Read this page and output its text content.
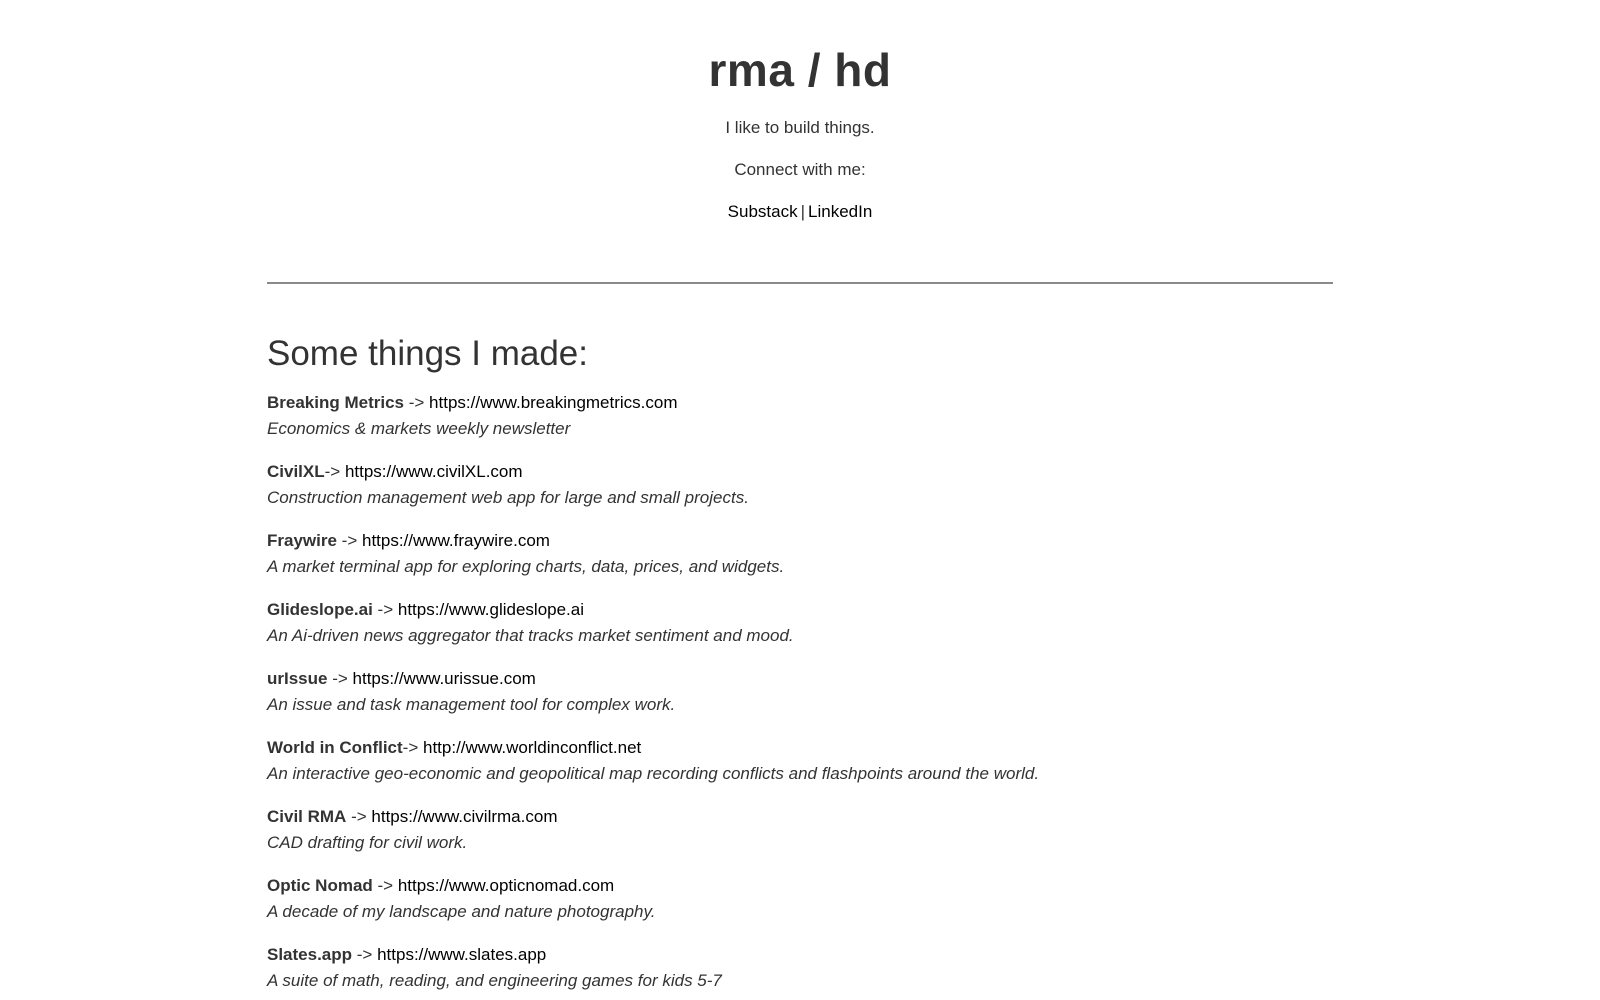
rma / hd

I like to build things.

Connect with me:

Substack | LinkedIn

Some things I made:
Breaking Metrics -> https://www.breakingmetrics.com
Economics & markets weekly newsletter
CivilXL-> https://www.civilXL.com
Construction management web app for large and small projects.
Fraywire -> https://www.fraywire.com
A market terminal app for exploring charts, data, prices, and widgets.
Glideslope.ai -> https://www.glideslope.ai
An Ai-driven news aggregator that tracks market sentiment and mood.
urIssue -> https://www.urissue.com
An issue and task management tool for complex work.
World in Conflict-> http://www.worldinconflict.net
An interactive geo-economic and geopolitical map recording conflicts and flashpoints around the world.
Civil RMA -> https://www.civilrma.com
CAD drafting for civil work.
Optic Nomad -> https://www.opticnomad.com
A decade of my landscape and nature photography.
Slates.app -> https://www.slates.app
A suite of math, reading, and engineering games for kids 5-7
